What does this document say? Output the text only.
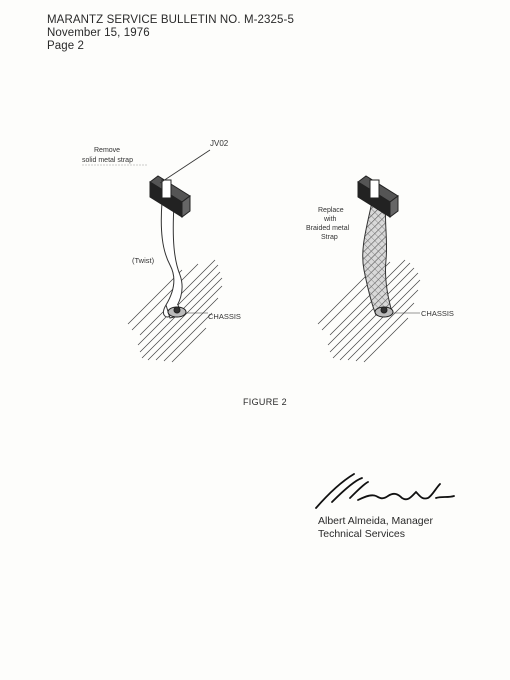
MARANTZ SERVICE BULLETIN NO. M-2325-5
November 15, 1976
Page 2
Remove
solid metal strap
JV02
(Twist)
CHASSIS
Replace
with
Braided metal
Strap
CHASSIS
FIGURE 2
Albert Almeida, Manager
Technical Services
